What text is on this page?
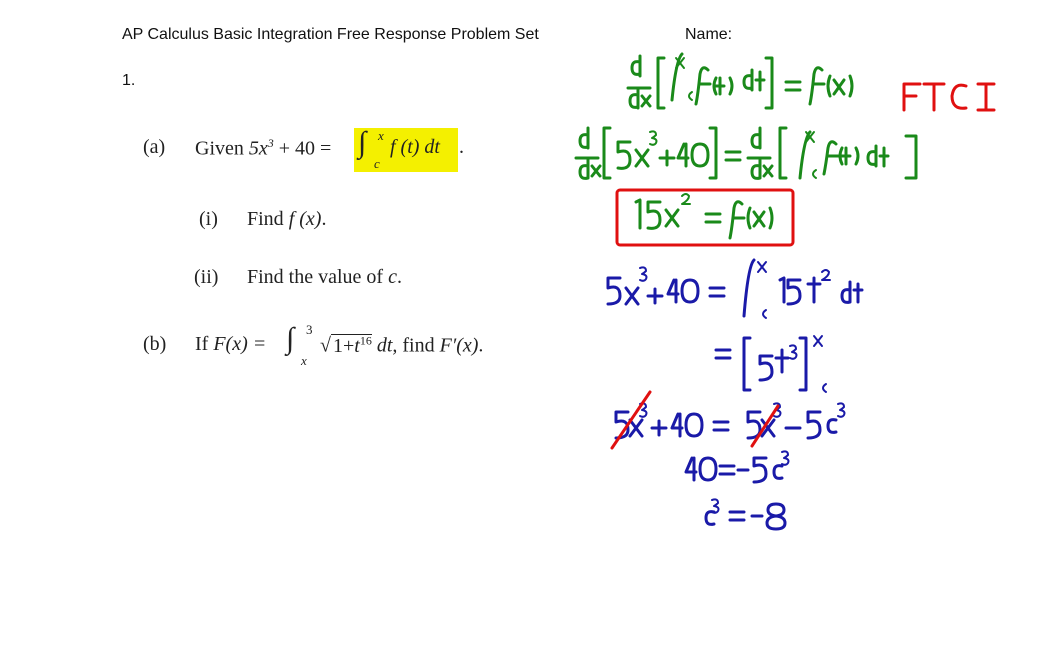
AP Calculus Basic Integration Free Response Problem Set	Name:
1.
(a) Given $5x^3 + 40$ = ∫ x
c
f (t) dt .
(i) Find f (x).
(ii) Find the value of c.
(b) If F(x) = ∫ 3
x
√ $1+t^{16}$ dt, find F′(x).
